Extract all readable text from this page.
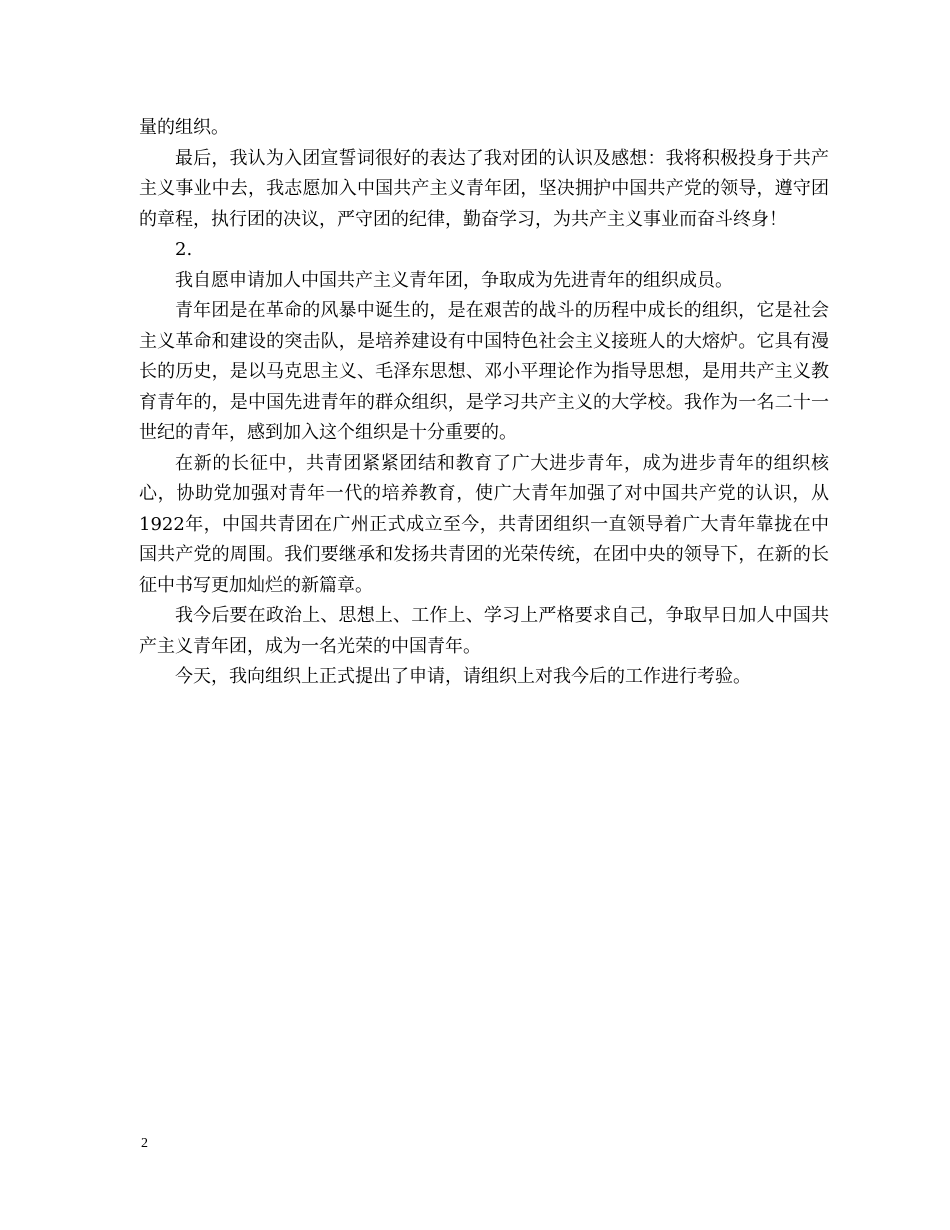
量的组织。

最后，我认为入团宣誓词很好的表达了我对团的认识及感想：我将积极投身于共产主义事业中去，我志愿加入中国共产主义青年团，坚决拥护中国共产党的领导，遵守团的章程，执行团的决议，严守团的纪律，勤奋学习，为共产主义事业而奋斗终身！

2.

我自愿申请加人中国共产主义青年团，争取成为先进青年的组织成员。

青年团是在革命的风暴中诞生的，是在艰苦的战斗的历程中成长的组织，它是社会主义革命和建设的突击队，是培养建设有中国特色社会主义接班人的大熔炉。它具有漫长的历史，是以马克思主义、毛泽东思想、邓小平理论作为指导思想，是用共产主义教育青年的，是中国先进青年的群众组织，是学习共产主义的大学校。我作为一名二十一世纪的青年，感到加入这个组织是十分重要的。

在新的长征中，共青团紧紧团结和教育了广大进步青年，成为进步青年的组织核心，协助党加强对青年一代的培养教育，使广大青年加强了对中国共产党的认识，从1922年，中国共青团在广州正式成立至今，共青团组织一直领导着广大青年靠拢在中国共产党的周围。我们要继承和发扬共青团的光荣传统，在团中央的领导下，在新的长征中书写更加灿烂的新篇章。

我今后要在政治上、思想上、工作上、学习上严格要求自己，争取早日加人中国共产主义青年团，成为一名光荣的中国青年。

今天，我向组织上正式提出了申请，请组织上对我今后的工作进行考验。

2
